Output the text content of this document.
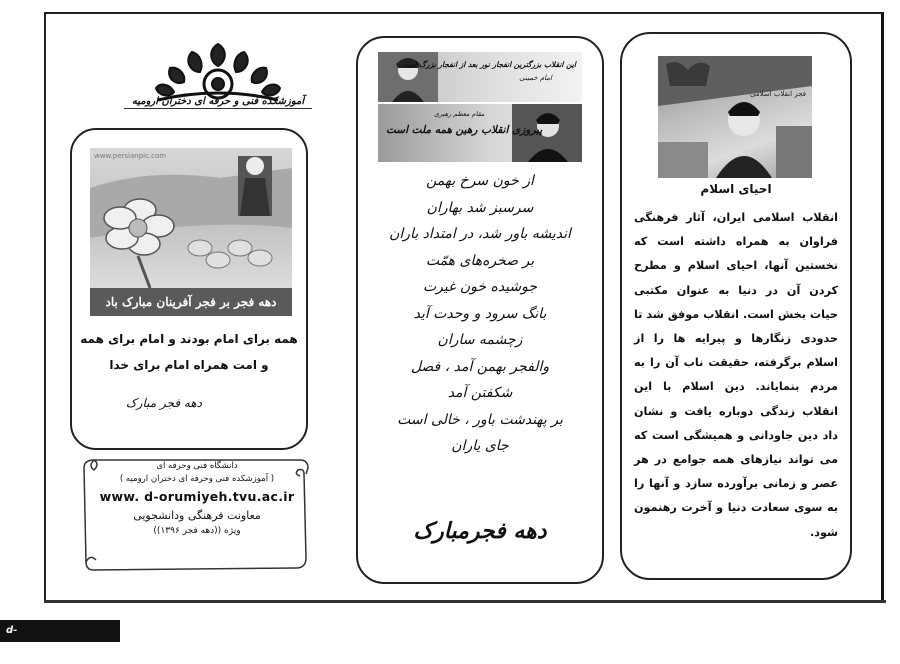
آموزشکده فنی و حرفه ای دختران ارومیه
www.persianpic.com
دهه فجر بر فجر آفرینان مبارک باد
همه برای امام بودند و امام برای همه
و امت همراه امام برای خدا
دهه فجر مبارک
دانشگاه فنی وحرفه ای
( آموزشکده فنی وحرفه ای دختران ارومیه )
www. d-orumiyeh.tvu.ac.ir
معاونت فرهنگی ودانشجویی
ویژه ((دهه فجر ۱۳۹۶))
این انقلاب بزرگترین انفجار نور بعد از انفجار بزرگ است
امام خمینی
مقام معظم رهبری
پیروزی انقلاب رهین همه ملت است
از خون سرخ بهمن
سرسبز شد بهاران
اندیشه باور شد، در امتداد باران
بر صخره‌های همّت
جوشیده خون غیرت
بانگ سرود و وحدت آید
زچشمه ساران
والفجر بهمن آمد ، فصل
شکفتن آمد
بر پهندشت باور ، خالی است
جای یاران
دهه فجرمبارک
فجر انقلاب اسلامی
احیای اسلام
انقلاب اسلامی ایران، آثار فرهنگی فراوان به همراه داشته است که نخستین آنها، احیای اسلام و مطرح کردن آن در دنیا به عنوان مکتبی حیات بخش است. انقلاب موفق شد تا حدودی زنگارها و پیرایه ها را از اسلام برگرفته، حقیقت ناب آن را به مردم بنمایاند. دین اسلام با این انقلاب زندگی دوباره یافت و نشان داد دین جاودانی و همیشگی است که می تواند نیازهای همه جوامع در هر عصر و زمانی برآورده سازد و آنها را به سوی سعادت دنیا و آخرت رهنمون شود.
d-orumiyeh.nus.ac.ir
